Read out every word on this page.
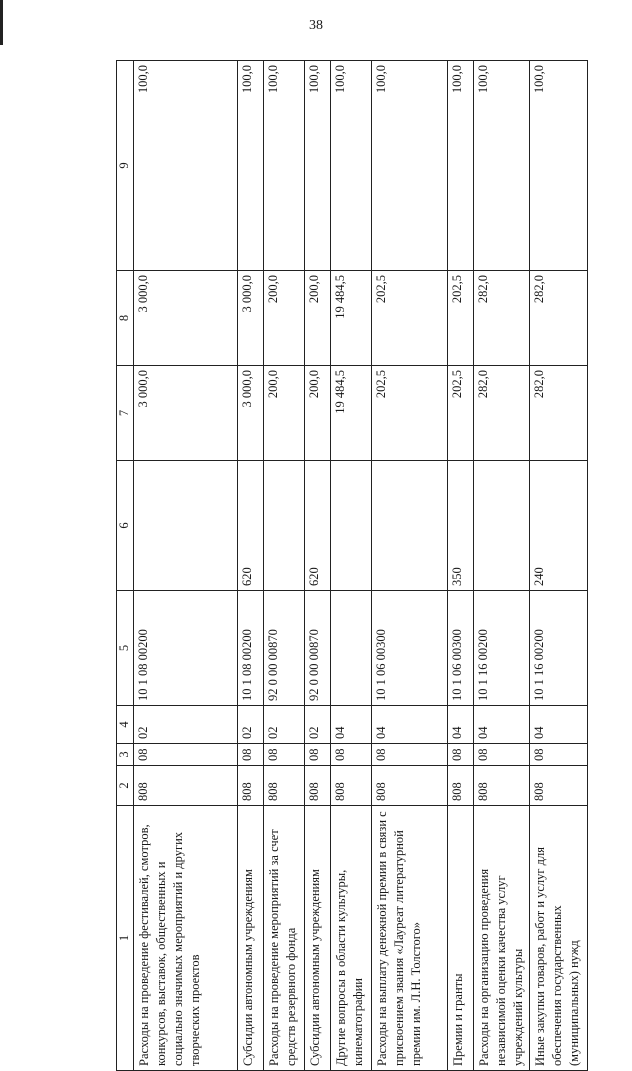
38
1	2	3	4	5	6	7	8	9
Расходы на проведение фестивалей, смотров, конкурсов, выставок, общественных и социально значимых мероприятий и других творческих проектов	808	08	02	10 1 08 00200		3 000,0	3 000,0	100,0
Субсидии автономным учреждениям	808	08	02	10 1 08 00200	620	3 000,0	3 000,0	100,0
Расходы на проведение мероприятий за счет средств резервного фонда	808	08	02	92 0 00 00870		200,0	200,0	100,0
Субсидии автономным учреждениям	808	08	02	92 0 00 00870	620	200,0	200,0	100,0
Другие вопросы в области культуры, кинематографии	808	08	04			19 484,5	19 484,5	100,0
Расходы на выплату денежной премии в связи с присвоением звания «Лауреат литературной премии им. Л.Н. Толстого»	808	08	04	10 1 06 00300		202,5	202,5	100,0
Премии и гранты	808	08	04	10 1 06 00300	350	202,5	202,5	100,0
Расходы на организацию проведения независимой оценки качества услуг учреждений культуры	808	08	04	10 1 16 00200		282,0	282,0	100,0
Иные закупки товаров, работ и услуг для обеспечения государственных (муниципальных) нужд	808	08	04	10 1 16 00200	240	282,0	282,0	100,0
